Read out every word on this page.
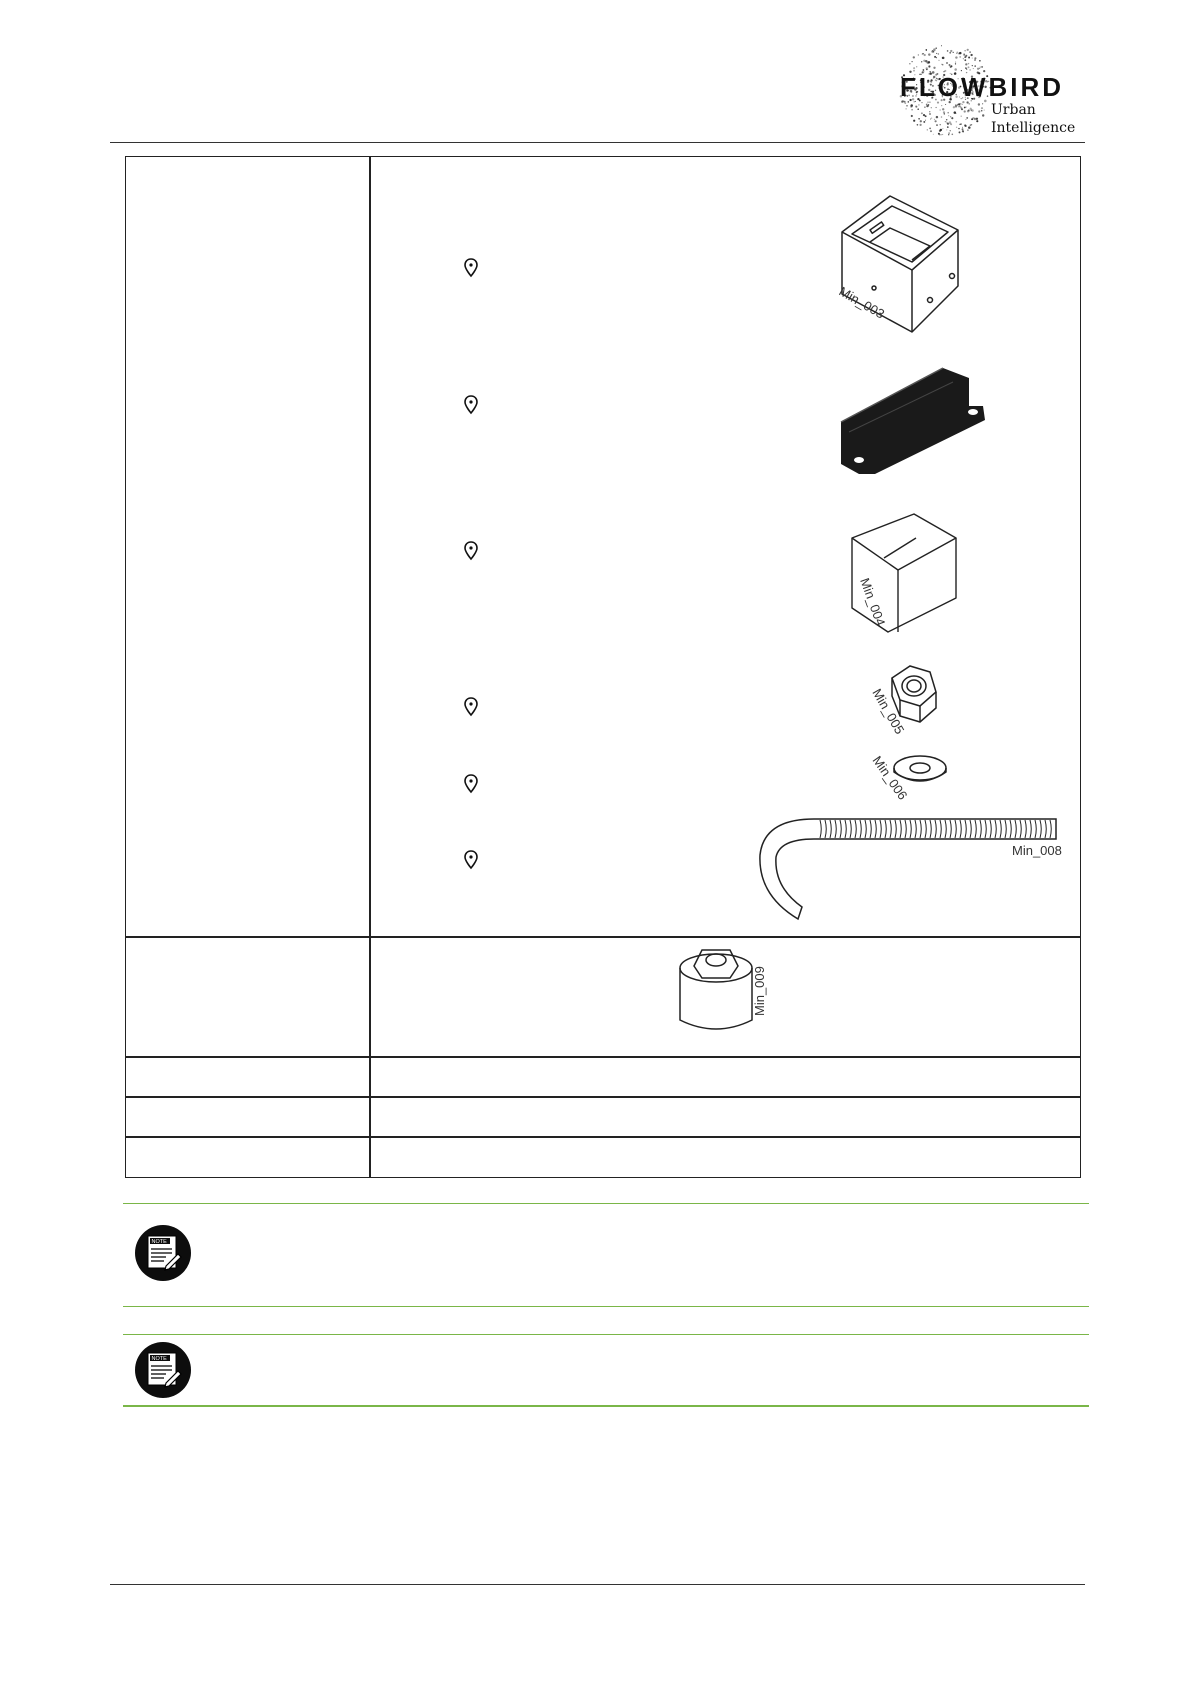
FLOWBIRD
Urban
Intelligence
Min_003
Min_004
Min_005
Min_006
Min_008
Min_009
NOTE
NOTE
